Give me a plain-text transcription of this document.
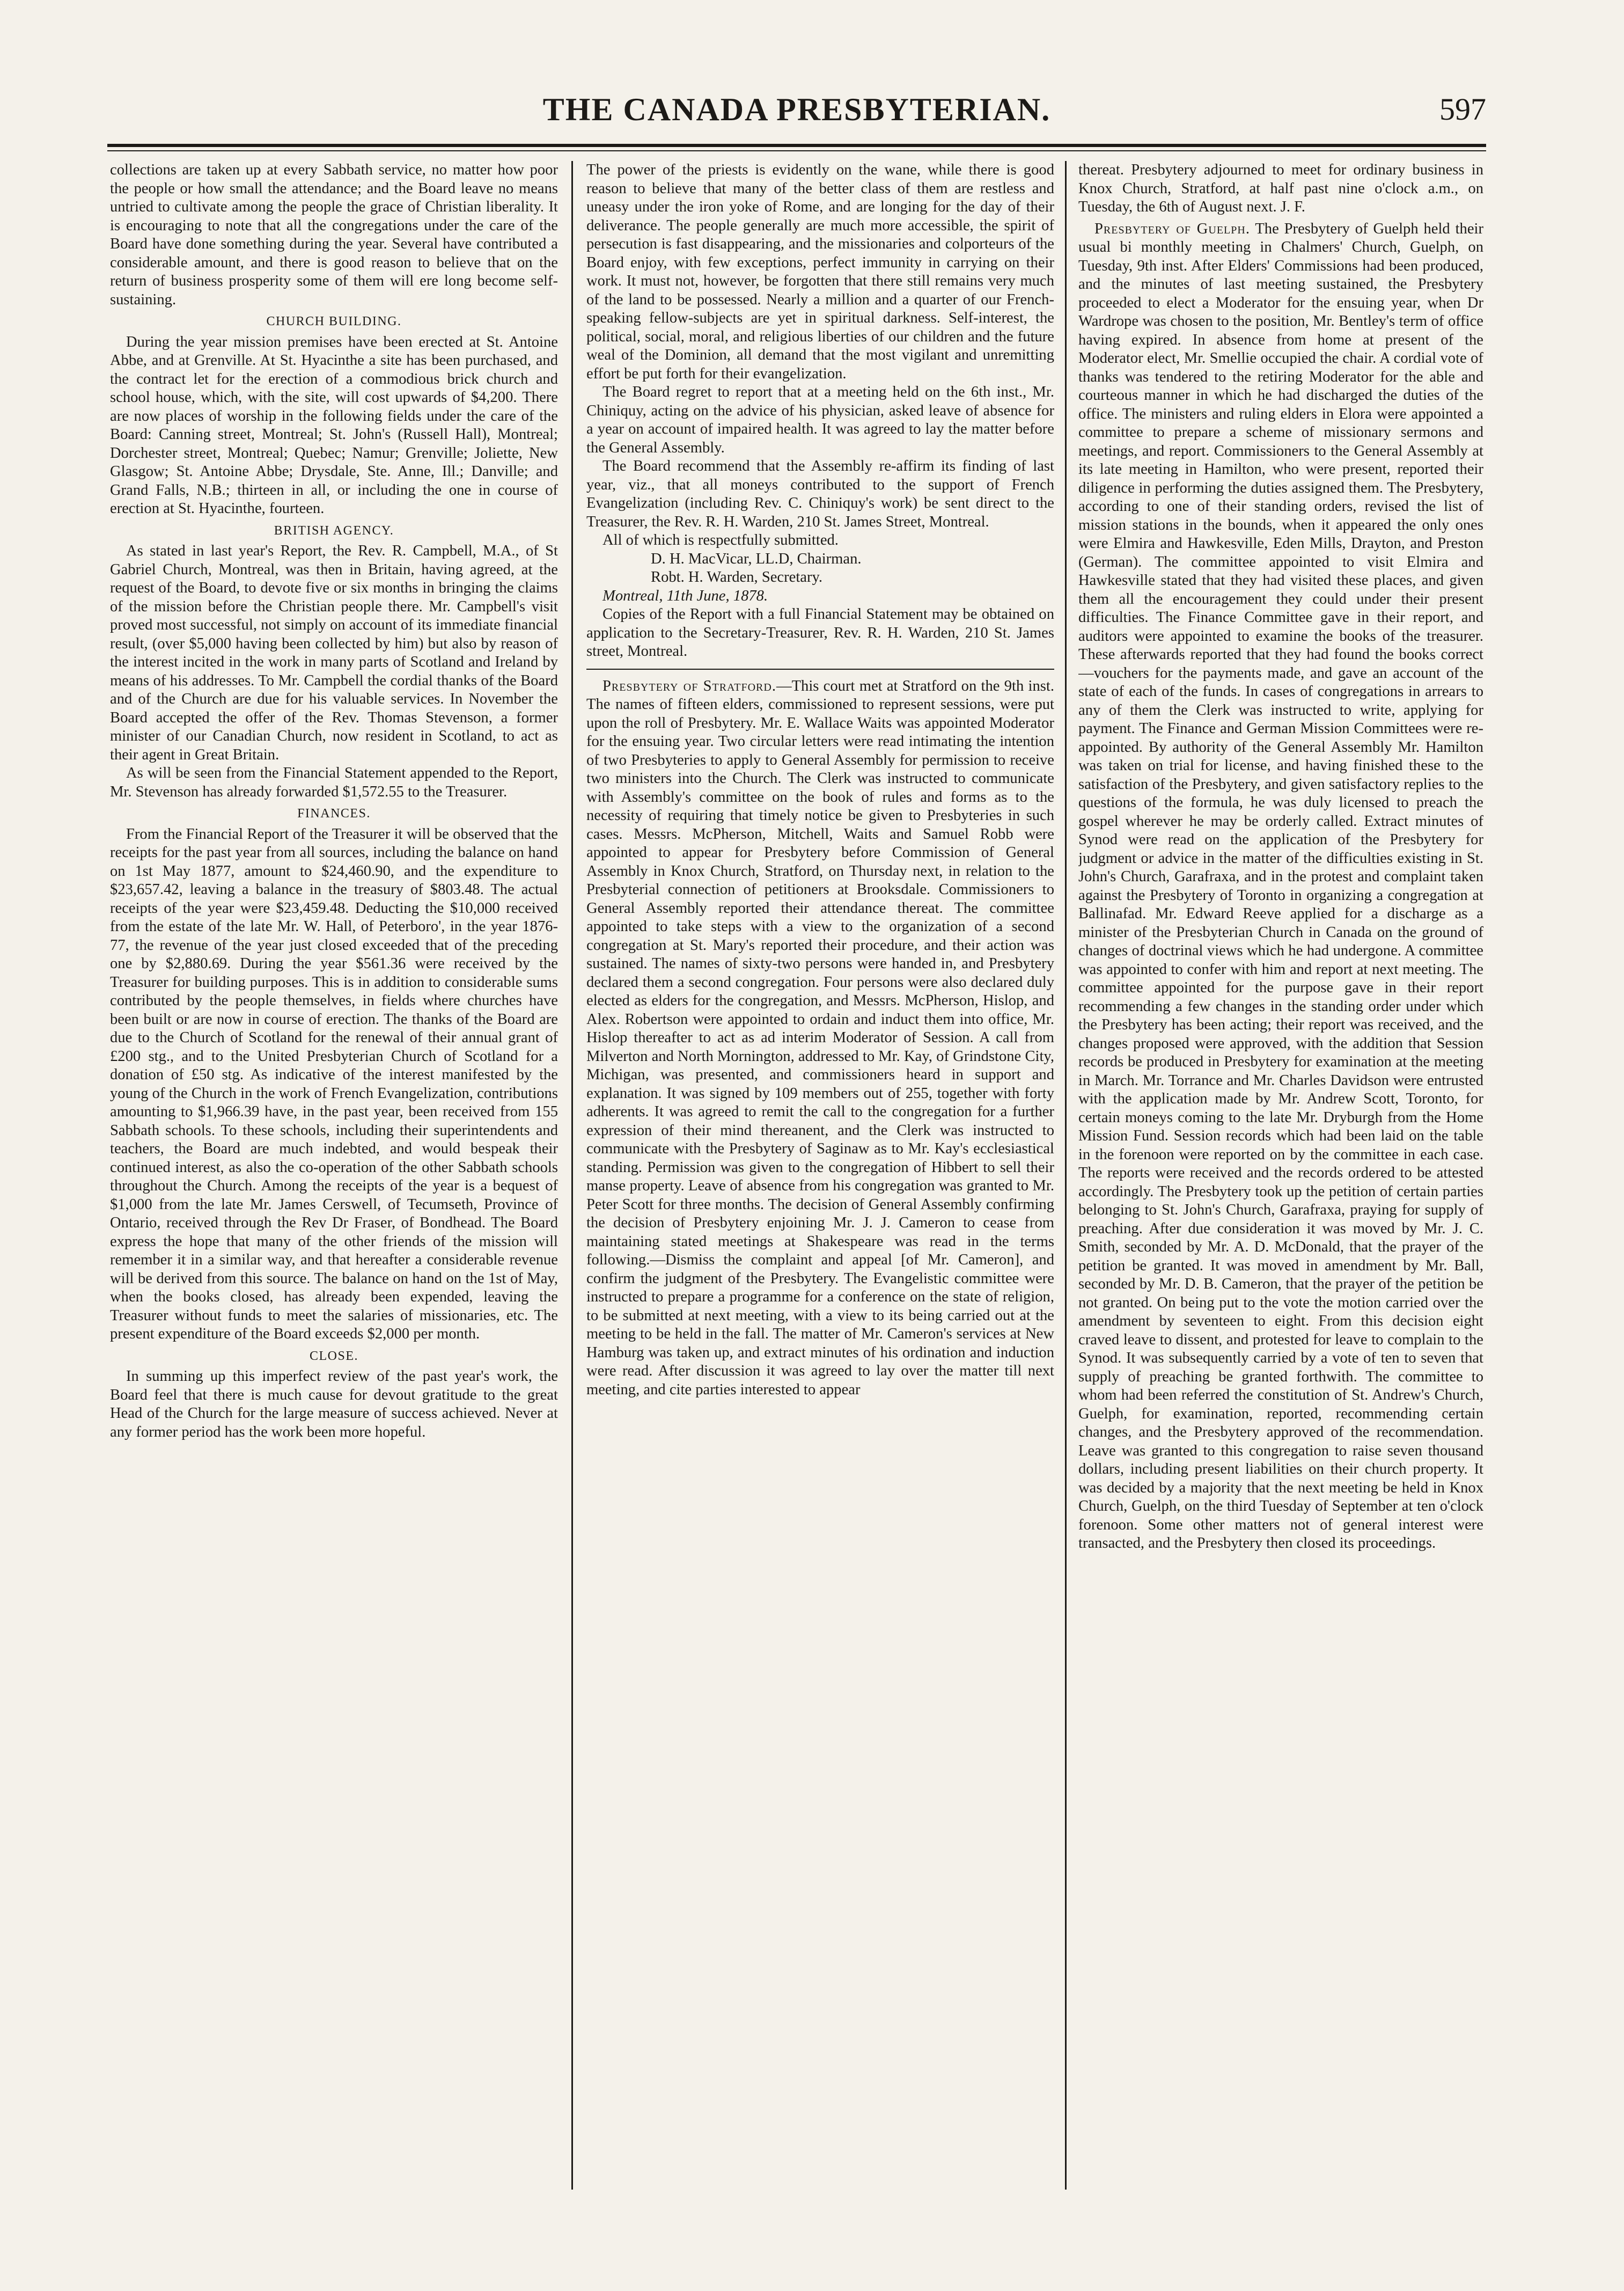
THE CANADA PRESBYTERIAN.	597

collections are taken up at every Sabbath service, no matter how poor the people or how small the attendance; and the Board leave no means untried to cultivate among the people the grace of Christian liberality. It is encouraging to note that all the congregations under the care of the Board have done something during the year. Several have contributed a considerable amount, and there is good reason to believe that on the return of business prosperity some of them will ere long become self-sustaining.

CHURCH BUILDING.

During the year mission premises have been erected at St. Antoine Abbe, and at Grenville. At St. Hyacinthe a site has been purchased, and the contract let for the erection of a commodious brick church and school house, which, with the site, will cost upwards of $4,200. There are now places of worship in the following fields under the care of the Board: Canning street, Montreal; St. John's (Russell Hall), Montreal; Dorchester street, Montreal; Quebec; Namur; Grenville; Joliette, New Glasgow; St. Antoine Abbe; Drysdale, Ste. Anne, Ill.; Danville; and Grand Falls, N.B.; thirteen in all, or including the one in course of erection at St. Hyacinthe, fourteen.

BRITISH AGENCY.

As stated in last year's Report, the Rev. R. Campbell, M.A., of St Gabriel Church, Montreal, was then in Britain, having agreed, at the request of the Board, to devote five or six months in bringing the claims of the mission before the Christian people there. Mr. Campbell's visit proved most successful, not simply on account of its immediate financial result, (over $5,000 having been collected by him) but also by reason of the interest incited in the work in many parts of Scotland and Ireland by means of his addresses. To Mr. Campbell the cordial thanks of the Board and of the Church are due for his valuable services. In November the Board accepted the offer of the Rev. Thomas Stevenson, a former minister of our Canadian Church, now resident in Scotland, to act as their agent in Great Britain.

As will be seen from the Financial Statement appended to the Report, Mr. Stevenson has already forwarded $1,572.55 to the Treasurer.

FINANCES.

From the Financial Report of the Treasurer it will be observed that the receipts for the past year from all sources, including the balance on hand on 1st May 1877, amount to $24,460.90, and the expenditure to $23,657.42, leaving a balance in the treasury of $803.48. The actual receipts of the year were $23,459.48. Deducting the $10,000 received from the estate of the late Mr. W. Hall, of Peterboro', in the year 1876-77, the revenue of the year just closed exceeded that of the preceding one by $2,880.69. During the year $561.36 were received by the Treasurer for building purposes. This is in addition to considerable sums contributed by the people themselves, in fields where churches have been built or are now in course of erection. The thanks of the Board are due to the Church of Scotland for the renewal of their annual grant of £200 stg., and to the United Presbyterian Church of Scotland for a donation of £50 stg. As indicative of the interest manifested by the young of the Church in the work of French Evangelization, contributions amounting to $1,966.39 have, in the past year, been received from 155 Sabbath schools. To these schools, including their superintendents and teachers, the Board are much indebted, and would bespeak their continued interest, as also the co-operation of the other Sabbath schools throughout the Church. Among the receipts of the year is a bequest of $1,000 from the late Mr. James Cerswell, of Tecumseth, Province of Ontario, received through the Rev Dr Fraser, of Bondhead. The Board express the hope that many of the other friends of the mission will remember it in a similar way, and that hereafter a considerable revenue will be derived from this source. The balance on hand on the 1st of May, when the books closed, has already been expended, leaving the Treasurer without funds to meet the salaries of missionaries, etc. The present expenditure of the Board exceeds $2,000 per month.

CLOSE.

In summing up this imperfect review of the past year's work, the Board feel that there is much cause for devout gratitude to the great Head of the Church for the large measure of success achieved. Never at any former period has the work been more hopeful.

The power of the priests is evidently on the wane, while there is good reason to believe that many of the better class of them are restless and uneasy under the iron yoke of Rome, and are longing for the day of their deliverance. The people generally are much more accessible, the spirit of persecution is fast disappearing, and the missionaries and colporteurs of the Board enjoy, with few exceptions, perfect immunity in carrying on their work. It must not, however, be forgotten that there still remains very much of the land to be possessed. Nearly a million and a quarter of our French-speaking fellow-subjects are yet in spiritual darkness. Self-interest, the political, social, moral, and religious liberties of our children and the future weal of the Dominion, all demand that the most vigilant and unremitting effort be put forth for their evangelization.

The Board regret to report that at a meeting held on the 6th inst., Mr. Chiniquy, acting on the advice of his physician, asked leave of absence for a year on account of impaired health. It was agreed to lay the matter before the General Assembly.

The Board recommend that the Assembly re-affirm its finding of last year, viz., that all moneys contributed to the support of French Evangelization (including Rev. C. Chiniquy's work) be sent direct to the Treasurer, the Rev. R. H. Warden, 210 St. James Street, Montreal.

All of which is respectfully submitted.

D. H. MacVicar, LL.D, Chairman.

Robt. H. Warden, Secretary.

Montreal, 11th June, 1878.

Copies of the Report with a full Financial Statement may be obtained on application to the Secretary-Treasurer, Rev. R. H. Warden, 210 St. James street, Montreal.

Presbytery of Stratford.—This court met at Stratford on the 9th inst. The names of fifteen elders, commissioned to represent sessions, were put upon the roll of Presbytery. Mr. E. Wallace Waits was appointed Moderator for the ensuing year. Two circular letters were read intimating the intention of two Presbyteries to apply to General Assembly for permission to receive two ministers into the Church. The Clerk was instructed to communicate with Assembly's committee on the book of rules and forms as to the necessity of requiring that timely notice be given to Presbyteries in such cases. Messrs. McPherson, Mitchell, Waits and Samuel Robb were appointed to appear for Presbytery before Commission of General Assembly in Knox Church, Stratford, on Thursday next, in relation to the Presbyterial connection of petitioners at Brooksdale. Commissioners to General Assembly reported their attendance thereat. The committee appointed to take steps with a view to the organization of a second congregation at St. Mary's reported their procedure, and their action was sustained. The names of sixty-two persons were handed in, and Presbytery declared them a second congregation. Four persons were also declared duly elected as elders for the congregation, and Messrs. McPherson, Hislop, and Alex. Robertson were appointed to ordain and induct them into office, Mr. Hislop thereafter to act as ad interim Moderator of Session. A call from Milverton and North Mornington, addressed to Mr. Kay, of Grindstone City, Michigan, was presented, and commissioners heard in support and explanation. It was signed by 109 members out of 255, together with forty adherents. It was agreed to remit the call to the congregation for a further expression of their mind thereanent, and the Clerk was instructed to communicate with the Presbytery of Saginaw as to Mr. Kay's ecclesiastical standing. Permission was given to the congregation of Hibbert to sell their manse property. Leave of absence from his congregation was granted to Mr. Peter Scott for three months. The decision of General Assembly confirming the decision of Presbytery enjoining Mr. J. J. Cameron to cease from maintaining stated meetings at Shakespeare was read in the terms following.—Dismiss the complaint and appeal [of Mr. Cameron], and confirm the judgment of the Presbytery. The Evangelistic committee were instructed to prepare a programme for a conference on the state of religion, to be submitted at next meeting, with a view to its being carried out at the meeting to be held in the fall. The matter of Mr. Cameron's services at New Hamburg was taken up, and extract minutes of his ordination and induction were read. After discussion it was agreed to lay over the matter till next meeting, and cite parties interested to appear

thereat. Presbytery adjourned to meet for ordinary business in Knox Church, Stratford, at half past nine o'clock a.m., on Tuesday, the 6th of August next. J. F.

Presbytery of Guelph. The Presbytery of Guelph held their usual bi monthly meeting in Chalmers' Church, Guelph, on Tuesday, 9th inst. After Elders' Commissions had been produced, and the minutes of last meeting sustained, the Presbytery proceeded to elect a Moderator for the ensuing year, when Dr Wardrope was chosen to the position, Mr. Bentley's term of office having expired. In absence from home at present of the Moderator elect, Mr. Smellie occupied the chair. A cordial vote of thanks was tendered to the retiring Moderator for the able and courteous manner in which he had discharged the duties of the office. The ministers and ruling elders in Elora were appointed a committee to prepare a scheme of missionary sermons and meetings, and report. Commissioners to the General Assembly at its late meeting in Hamilton, who were present, reported their diligence in performing the duties assigned them. The Presbytery, according to one of their standing orders, revised the list of mission stations in the bounds, when it appeared the only ones were Elmira and Hawkesville, Eden Mills, Drayton, and Preston (German). The committee appointed to visit Elmira and Hawkesville stated that they had visited these places, and given them all the encouragement they could under their present difficulties. The Finance Committee gave in their report, and auditors were appointed to examine the books of the treasurer. These afterwards reported that they had found the books correct—vouchers for the payments made, and gave an account of the state of each of the funds. In cases of congregations in arrears to any of them the Clerk was instructed to write, applying for payment. The Finance and German Mission Committees were re-appointed. By authority of the General Assembly Mr. Hamilton was taken on trial for license, and having finished these to the satisfaction of the Presbytery, and given satisfactory replies to the questions of the formula, he was duly licensed to preach the gospel wherever he may be orderly called. Extract minutes of Synod were read on the application of the Presbytery for judgment or advice in the matter of the difficulties existing in St. John's Church, Garafraxa, and in the protest and complaint taken against the Presbytery of Toronto in organizing a congregation at Ballinafad. Mr. Edward Reeve applied for a discharge as a minister of the Presbyterian Church in Canada on the ground of changes of doctrinal views which he had undergone. A committee was appointed to confer with him and report at next meeting. The committee appointed for the purpose gave in their report recommending a few changes in the standing order under which the Presbytery has been acting; their report was received, and the changes proposed were approved, with the addition that Session records be produced in Presbytery for examination at the meeting in March. Mr. Torrance and Mr. Charles Davidson were entrusted with the application made by Mr. Andrew Scott, Toronto, for certain moneys coming to the late Mr. Dryburgh from the Home Mission Fund. Session records which had been laid on the table in the forenoon were reported on by the committee in each case. The reports were received and the records ordered to be attested accordingly. The Presbytery took up the petition of certain parties belonging to St. John's Church, Garafraxa, praying for supply of preaching. After due consideration it was moved by Mr. J. C. Smith, seconded by Mr. A. D. McDonald, that the prayer of the petition be granted. It was moved in amendment by Mr. Ball, seconded by Mr. D. B. Cameron, that the prayer of the petition be not granted. On being put to the vote the motion carried over the amendment by seventeen to eight. From this decision eight craved leave to dissent, and protested for leave to complain to the Synod. It was subsequently carried by a vote of ten to seven that supply of preaching be granted forthwith. The committee to whom had been referred the constitution of St. Andrew's Church, Guelph, for examination, reported, recommending certain changes, and the Presbytery approved of the recommendation. Leave was granted to this congregation to raise seven thousand dollars, including present liabilities on their church property. It was decided by a majority that the next meeting be held in Knox Church, Guelph, on the third Tuesday of September at ten o'clock forenoon. Some other matters not of general interest were transacted, and the Presbytery then closed its proceedings.
